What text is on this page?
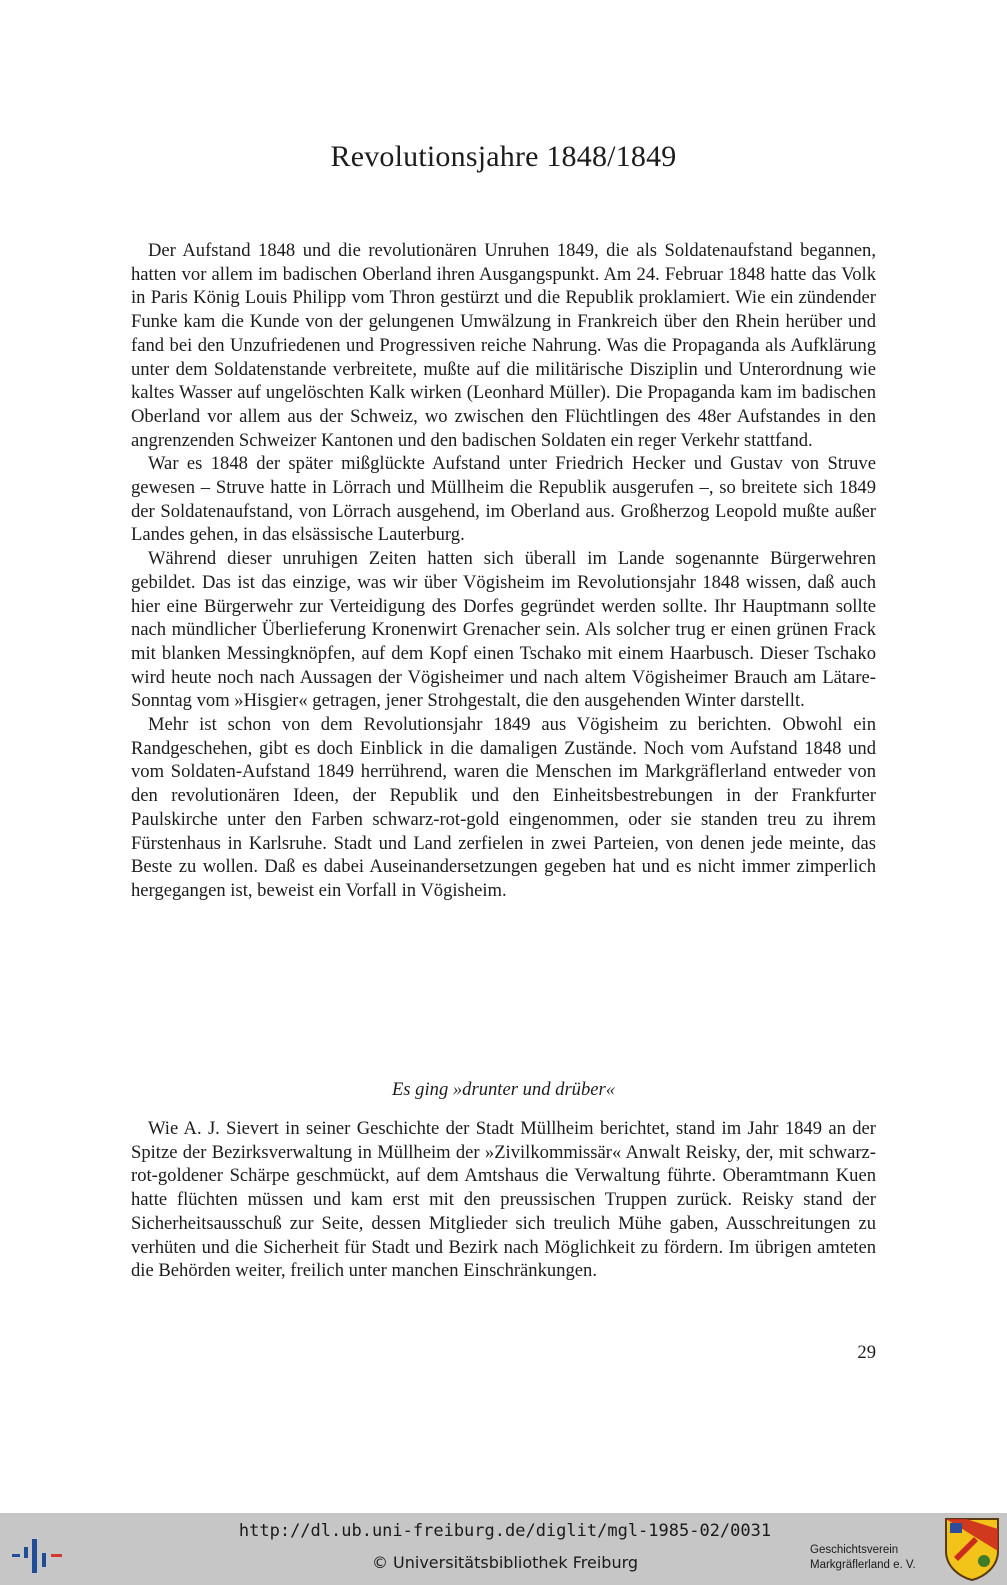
Revolutionsjahre 1848/1849

Der Aufstand 1848 und die revolutionären Unruhen 1849, die als Soldatenaufstand begannen, hatten vor allem im badischen Oberland ihren Ausgangspunkt. Am 24. Februar 1848 hatte das Volk in Paris König Louis Philipp vom Thron gestürzt und die Republik proklamiert. Wie ein zündender Funke kam die Kunde von der gelungenen Umwälzung in Frankreich über den Rhein herüber und fand bei den Unzufriedenen und Progressiven reiche Nahrung. Was die Propaganda als Aufklärung unter dem Soldatenstande verbreitete, mußte auf die militärische Disziplin und Unterordnung wie kaltes Wasser auf ungelöschten Kalk wirken (Leonhard Müller). Die Propaganda kam im badischen Oberland vor allem aus der Schweiz, wo zwischen den Flüchtlingen des 48er Aufstandes in den angrenzenden Schweizer Kantonen und den badischen Soldaten ein reger Verkehr stattfand.

War es 1848 der später mißglückte Aufstand unter Friedrich Hecker und Gustav von Struve gewesen – Struve hatte in Lörrach und Müllheim die Republik ausgerufen –, so breitete sich 1849 der Soldatenaufstand, von Lörrach ausgehend, im Oberland aus. Großherzog Leopold mußte außer Landes gehen, in das elsässische Lauterburg.

Während dieser unruhigen Zeiten hatten sich überall im Lande sogenannte Bürgerwehren gebildet. Das ist das einzige, was wir über Vögisheim im Revolutionsjahr 1848 wissen, daß auch hier eine Bürgerwehr zur Verteidigung des Dorfes gegründet werden sollte. Ihr Hauptmann sollte nach mündlicher Überlieferung Kronenwirt Grenacher sein. Als solcher trug er einen grünen Frack mit blanken Messingknöpfen, auf dem Kopf einen Tschako mit einem Haarbusch. Dieser Tschako wird heute noch nach Aussagen der Vögisheimer und nach altem Vögisheimer Brauch am Lätare-Sonntag vom »Hisgier« getragen, jener Strohgestalt, die den ausgehenden Winter darstellt.

Mehr ist schon von dem Revolutionsjahr 1849 aus Vögisheim zu berichten. Obwohl ein Randgeschehen, gibt es doch Einblick in die damaligen Zustände. Noch vom Aufstand 1848 und vom Soldaten-Aufstand 1849 herrührend, waren die Menschen im Markgräflerland entweder von den revolutionären Ideen, der Republik und den Einheitsbestrebungen in der Frankfurter Paulskirche unter den Farben schwarz-rot-gold eingenommen, oder sie standen treu zu ihrem Fürstenhaus in Karlsruhe. Stadt und Land zerfielen in zwei Parteien, von denen jede meinte, das Beste zu wollen. Daß es dabei Auseinandersetzungen gegeben hat und es nicht immer zimperlich hergegangen ist, beweist ein Vorfall in Vögisheim.

Es ging »drunter und drüber«

Wie A. J. Sievert in seiner Geschichte der Stadt Müllheim berichtet, stand im Jahr 1849 an der Spitze der Bezirksverwaltung in Müllheim der »Zivilkommissär« Anwalt Reisky, der, mit schwarz-rot-goldener Schärpe geschmückt, auf dem Amtshaus die Verwaltung führte. Oberamtmann Kuen hatte flüchten müssen und kam erst mit den preussischen Truppen zurück. Reisky stand der Sicherheitsausschuß zur Seite, dessen Mitglieder sich treulich Mühe gaben, Ausschreitungen zu verhüten und die Sicherheit für Stadt und Bezirk nach Möglichkeit zu fördern. Im übrigen amteten die Behörden weiter, freilich unter manchen Einschränkungen.

29
http://dl.ub.uni-freiburg.de/diglit/mgl-1985-02/0031
© Universitätsbibliothek Freiburg
Geschichtsverein
Markgräflerland e. V.
